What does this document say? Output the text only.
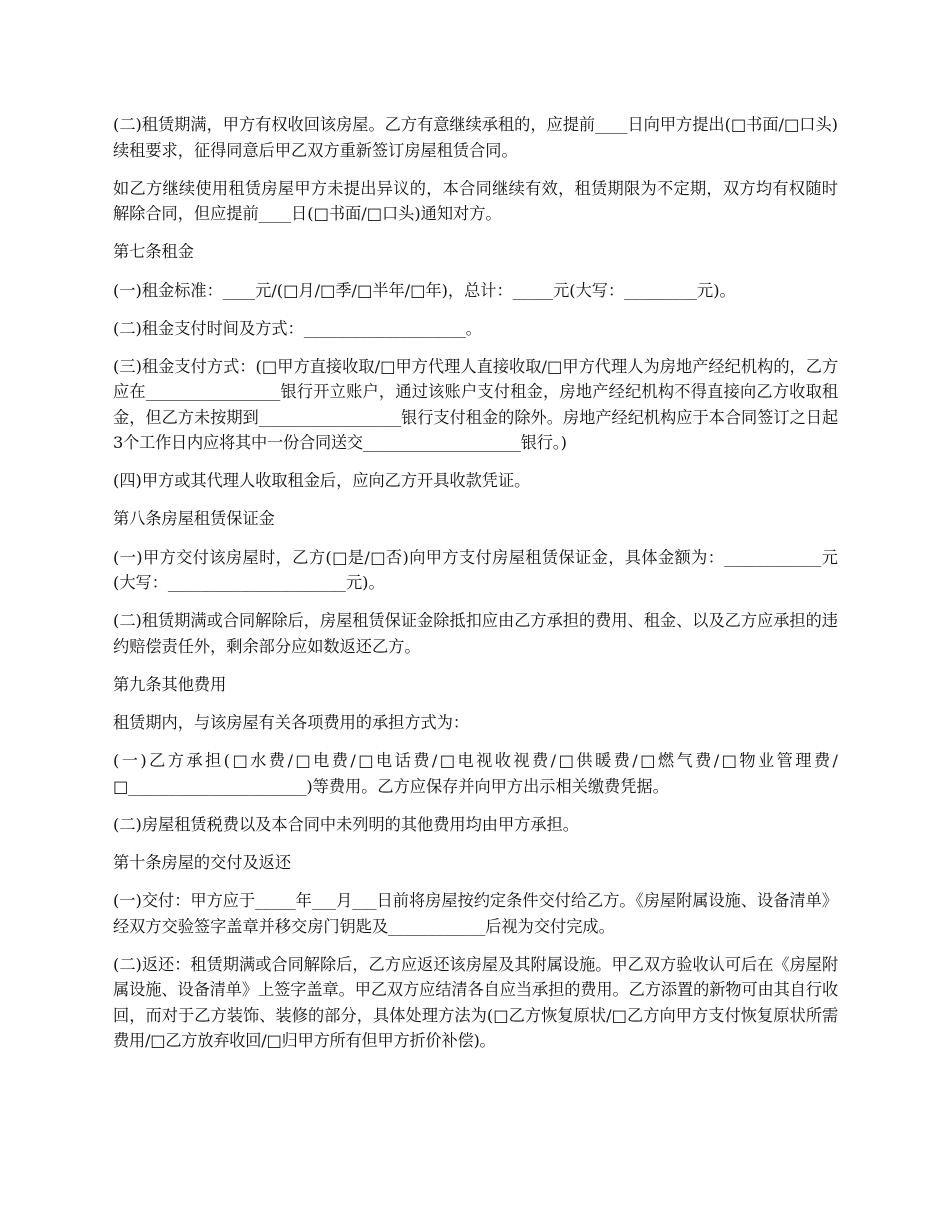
(二)租赁期满，甲方有权收回该房屋。乙方有意继续承租的，应提前____日向甲方提出(□书面/□口头)续租要求，征得同意后甲乙双方重新签订房屋租赁合同。

如乙方继续使用租赁房屋甲方未提出异议的，本合同继续有效，租赁期限为不定期，双方均有权随时解除合同，但应提前____日(□书面/□口头)通知对方。

第七条租金

(一)租金标准：____元/(□月/□季/□半年/□年)，总计：_____元(大写：_________元)。

(二)租金支付时间及方式：____________________。

(三)租金支付方式：(□甲方直接收取/□甲方代理人直接收取/□甲方代理人为房地产经纪机构的，乙方应在_________________银行开立账户，通过该账户支付租金，房地产经纪机构不得直接向乙方收取租金，但乙方未按期到__________________银行支付租金的除外。房地产经纪机构应于本合同签订之日起3个工作日内应将其中一份合同送交____________________银行。)

(四)甲方或其代理人收取租金后，应向乙方开具收款凭证。

第八条房屋租赁保证金

(一)甲方交付该房屋时，乙方(□是/□否)向甲方支付房屋租赁保证金，具体金额为：____________元(大写：______________________元)。

(二)租赁期满或合同解除后，房屋租赁保证金除抵扣应由乙方承担的费用、租金、以及乙方应承担的违约赔偿责任外，剩余部分应如数返还乙方。

第九条其他费用

租赁期内，与该房屋有关各项费用的承担方式为：

(一)乙方承担(□水费/□电费/□电话费/□电视收视费/□供暖费/□燃气费/□物业管理费/□______________________)等费用。乙方应保存并向甲方出示相关缴费凭据。

(二)房屋租赁税费以及本合同中未列明的其他费用均由甲方承担。

第十条房屋的交付及返还

(一)交付：甲方应于_____年___月___日前将房屋按约定条件交付给乙方。《房屋附属设施、设备清单》经双方交验签字盖章并移交房门钥匙及____________后视为交付完成。

(二)返还：租赁期满或合同解除后，乙方应返还该房屋及其附属设施。甲乙双方验收认可后在《房屋附属设施、设备清单》上签字盖章。甲乙双方应结清各自应当承担的费用。乙方添置的新物可由其自行收回，而对于乙方装饰、装修的部分，具体处理方法为(□乙方恢复原状/□乙方向甲方支付恢复原状所需费用/□乙方放弃收回/□归甲方所有但甲方折价补偿)。
